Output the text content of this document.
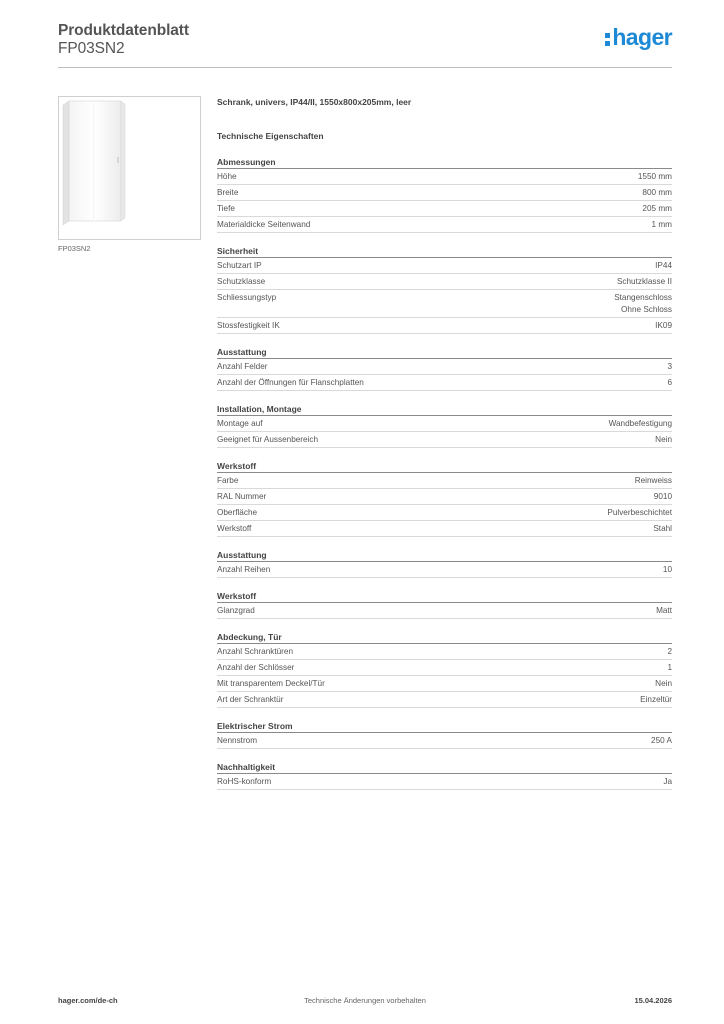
Produktdatenblatt
FP03SN2	hager
FP03SN2
Schrank, univers, IP44/II, 1550x800x205mm, leer
Technische Eigenschaften
Abmessungen
Höhe	1550 mm
Breite	800 mm
Tiefe	205 mm
Materialdicke Seitenwand	1 mm
Sicherheit
Schutzart IP	IP44
Schutzklasse	Schutzklasse II
Schliessungstyp	Stangenschloss
Ohne Schloss
Stossfestigkeit IK	IK09
Ausstattung
Anzahl Felder	3
Anzahl der Öffnungen für Flanschplatten	6
Installation, Montage
Montage auf	Wandbefestigung
Geeignet für Aussenbereich	Nein
Werkstoff
Farbe	Reinweiss
RAL Nummer	9010
Oberfläche	Pulverbeschichtet
Werkstoff	Stahl
Ausstattung
Anzahl Reihen	10
Werkstoff
Glanzgrad	Matt
Abdeckung, Tür
Anzahl Schranktüren	2
Anzahl der Schlösser	1
Mit transparentem Deckel/Tür	Nein
Art der Schranktür	Einzeltür
Elektrischer Strom
Nennstrom	250 A
Nachhaltigkeit
RoHS-konform	Ja
hager.com/de-ch	Technische Änderungen vorbehalten	15.04.2026
